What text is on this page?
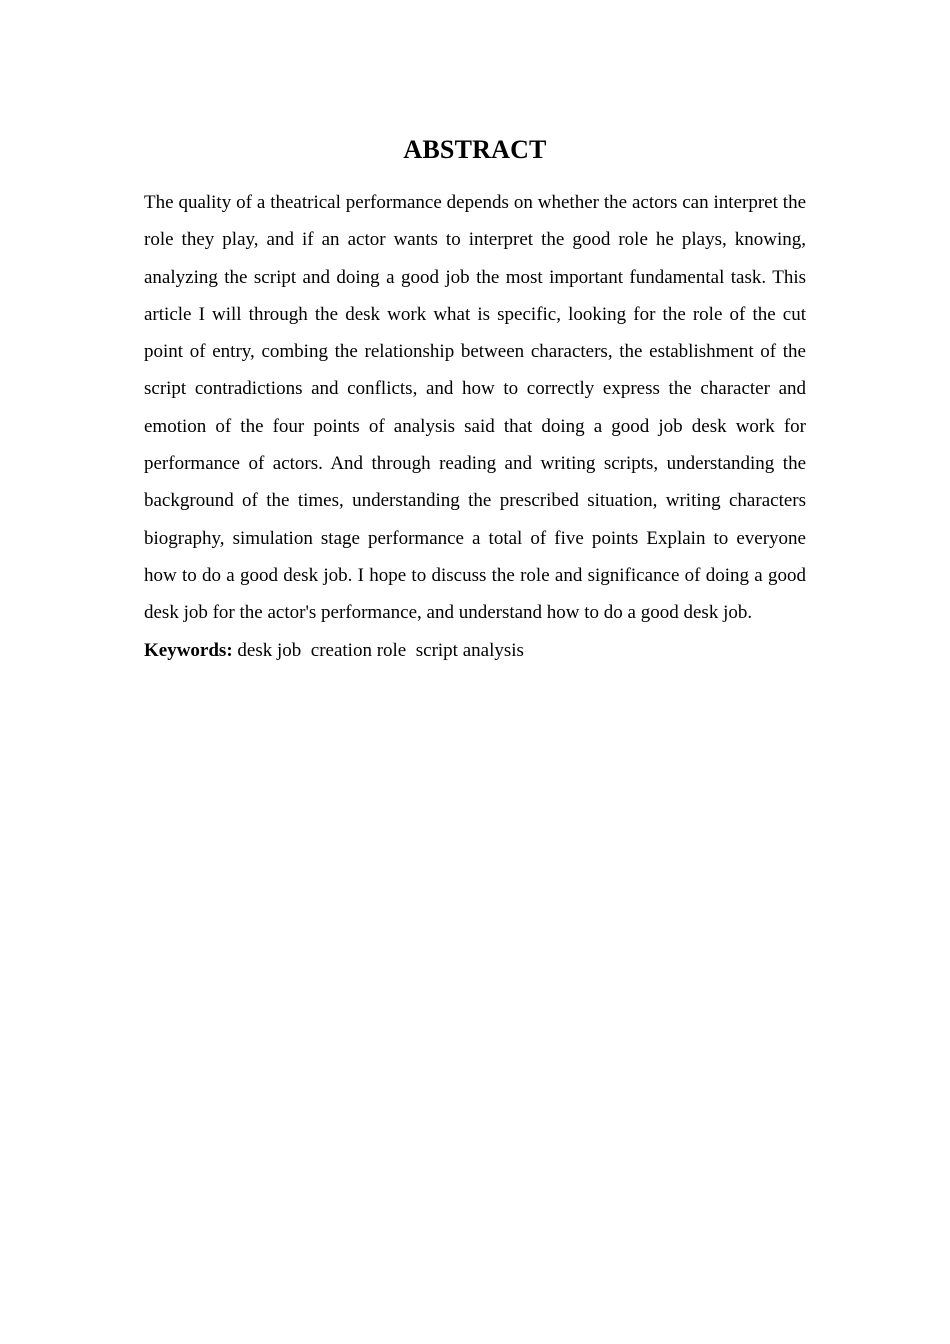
ABSTRACT

The quality of a theatrical performance depends on whether the actors can interpret the role they play, and if an actor wants to interpret the good role he plays, knowing, analyzing the script and doing a good job the most important fundamental task. This article I will through the desk work what is specific, looking for the role of the cut point of entry, combing the relationship between characters, the establishment of the script contradictions and conflicts, and how to correctly express the character and emotion of the four points of analysis said that doing a good job desk work for performance of actors. And through reading and writing scripts, understanding the background of the times, understanding the prescribed situation, writing characters biography, simulation stage performance a total of five points Explain to everyone how to do a good desk job. I hope to discuss the role and significance of doing a good desk job for the actor's performance, and understand how to do a good desk job.

Keywords: desk job  creation role  script analysis
